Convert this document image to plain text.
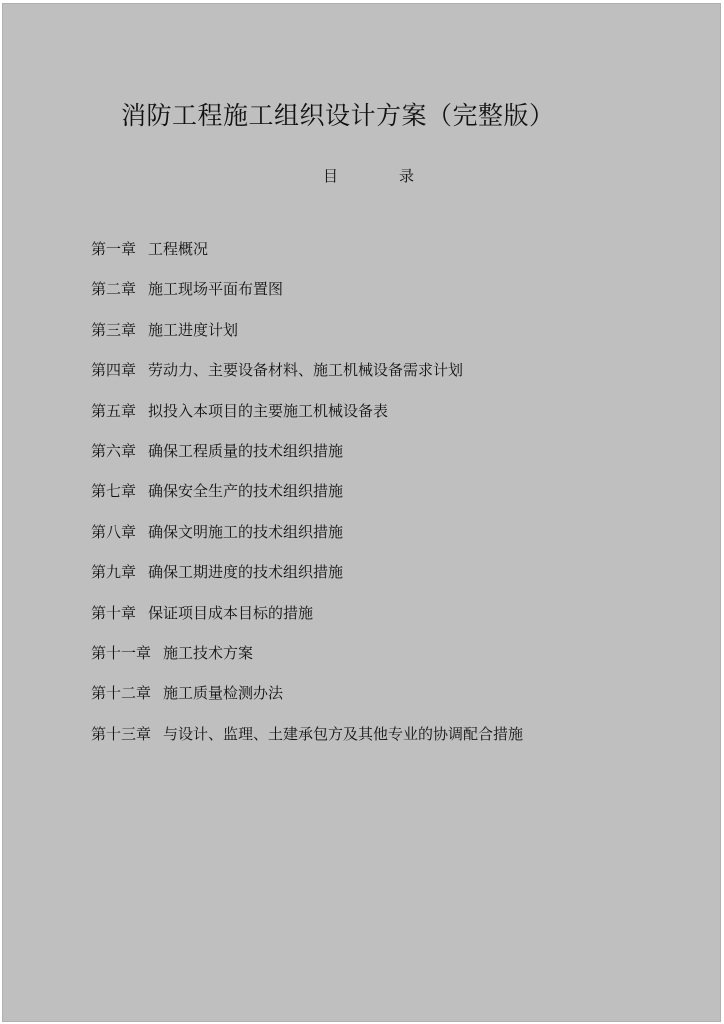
消防工程施工组织设计方案（完整版）
目	录
第一章 工程概况
第二章 施工现场平面布置图
第三章 施工进度计划
第四章 劳动力、主要设备材料、施工机械设备需求计划
第五章 拟投入本项目的主要施工机械设备表
第六章 确保工程质量的技术组织措施
第七章 确保安全生产的技术组织措施
第八章 确保文明施工的技术组织措施
第九章 确保工期进度的技术组织措施
第十章 保证项目成本目标的措施
第十一章 施工技术方案
第十二章 施工质量检测办法
第十三章 与设计、监理、土建承包方及其他专业的协调配合措施
